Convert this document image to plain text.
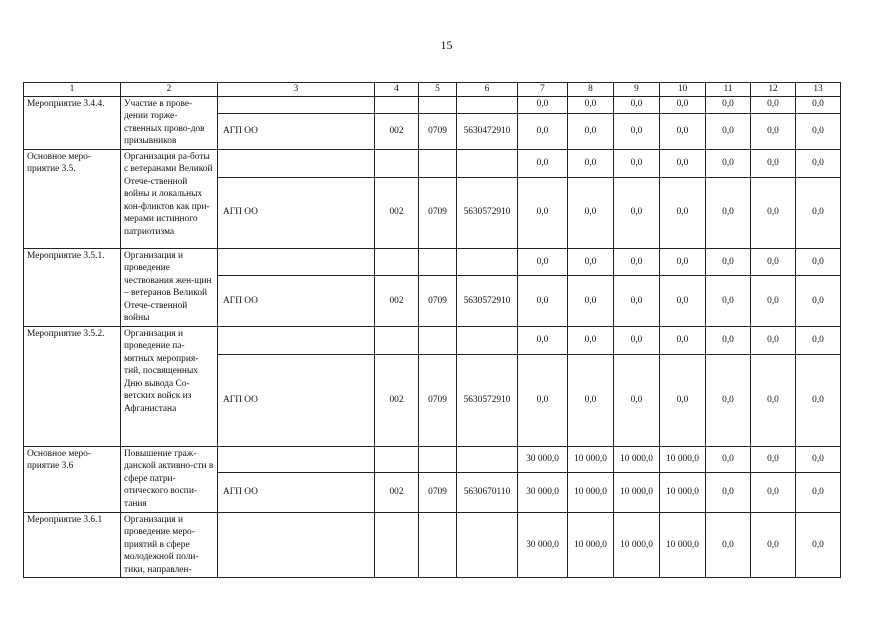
15
1	2	3	4	5	6	7	8	9	10	11	12	13
Мероприятие 3.4.4.	Участие в прове-дении торже-ственных прово-дов призывников					0,0	0,0	0,0	0,0	0,0	0,0	0,0
		АГП ОО	002	0709	5630472910	0,0	0,0	0,0	0,0	0,0	0,0	0,0
Основное меро-приятие 3.5.	Организация ра-боты с ветеранами Великой Отече-ственной войны и локальных кон-фликтов как при-мерами истинного патриотизма					0,0	0,0	0,0	0,0	0,0	0,0	0,0
		АГП ОО	002	0709	5630572910	0,0	0,0	0,0	0,0	0,0	0,0	0,0
Мероприятие 3.5.1.	Организация и проведение чествования жен-щин – ветеранов Великой Отече-ственной войны					0,0	0,0	0,0	0,0	0,0	0,0	0,0
		АГП ОО	002	0709	5630572910	0,0	0,0	0,0	0,0	0,0	0,0	0,0
Мероприятие 3.5.2.	Организация и проведение па-мятных мероприя-тий, посвященных Дню вывода Со-ветских войск из Афганистана					0,0	0,0	0,0	0,0	0,0	0,0	0,0
		АГП ОО	002	0709	5630572910	0,0	0,0	0,0	0,0	0,0	0,0	0,0
Основное меро-приятие 3.6	Повышение граж-данской активно-сти в сфере патри-отического воспи-тания					30 000,0	10 000,0	10 000,0	10 000,0	0,0	0,0	0,0
		АГП ОО	002	0709	5630670110	30 000,0	10 000,0	10 000,0	10 000,0	0,0	0,0	0,0
Мероприятие 3.6.1	Организация и проведение меро-приятий в сфере молодежной поли-тики, направлен-					30 000,0	10 000,0	10 000,0	10 000,0	0,0	0,0	0,0
